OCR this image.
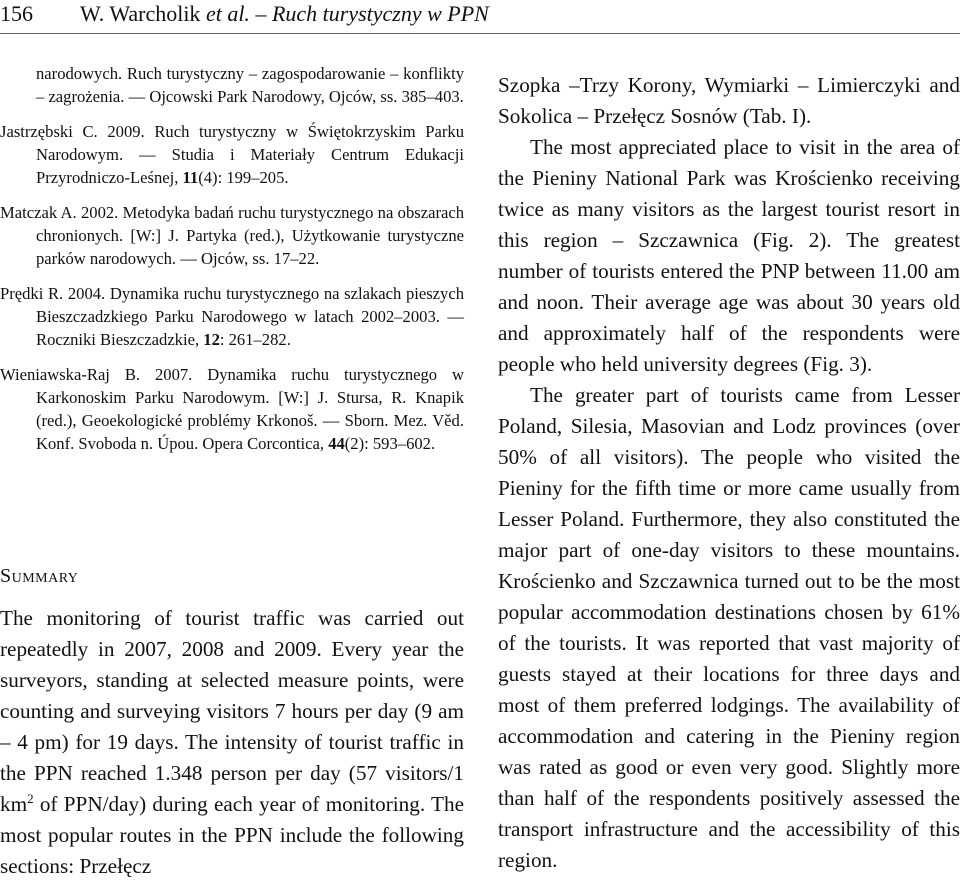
156 W. Warcholik et al. – Ruch turystyczny w PPN

narodowych. Ruch turystyczny – zagospodarowanie – konflikty – zagrożenia. — Ojcowski Park Narodowy, Ojców, ss. 385–403.

Jastrzębski C. 2009. Ruch turystyczny w Świętokrzyskim Parku Narodowym. — Studia i Materiały Centrum Edukacji Przyrodniczo-Leśnej, 11(4): 199–205.

Matczak A. 2002. Metodyka badań ruchu turystycznego na obszarach chronionych. [W:] J. Partyka (red.), Użytkowanie turystyczne parków narodowych. — Ojców, ss. 17–22.

Prędki R. 2004. Dynamika ruchu turystycznego na szlakach pieszych Bieszczadzkiego Parku Narodowego w latach 2002–2003. — Roczniki Bieszczadzkie, 12: 261–282.

Wieniawska-Raj B. 2007. Dynamika ruchu turystycznego w Karkonoskim Parku Narodowym. [W:] J. Stursa, R. Knapik (red.), Geoekologické problémy Krkonoš. — Sborn. Mez. Věd. Konf. Svoboda n. Úpou. Opera Corcontica, 44(2): 593–602.

Summary

The monitoring of tourist traffic was carried out repeatedly in 2007, 2008 and 2009. Every year the surveyors, standing at selected measure points, were counting and surveying visitors 7 hours per day (9 am – 4 pm) for 19 days. The intensity of tourist traffic in the PPN reached 1.348 person per day (57 visitors/1 $km^2$ of PPN/day) during each year of monitoring. The most popular routes in the PPN include the following sections: Przełęcz

Szopka –Trzy Korony, Wymiarki – Limierczyki and Sokolica – Przełęcz Sosnów (Tab. I).

The most appreciated place to visit in the area of the Pieniny National Park was Krościenko receiving twice as many visitors as the largest tourist resort in this region – Szczawnica (Fig. 2). The greatest number of tourists entered the PNP between 11.00 am and noon. Their average age was about 30 years old and approximately half of the respondents were people who held university degrees (Fig. 3).

The greater part of tourists came from Lesser Poland, Silesia, Masovian and Lodz provinces (over 50% of all visitors). The people who visited the Pieniny for the fifth time or more came usually from Lesser Poland. Furthermore, they also constituted the major part of one-day visitors to these mountains. Krościenko and Szczawnica turned out to be the most popular accommodation destinations chosen by 61% of the tourists. It was reported that vast majority of guests stayed at their locations for three days and most of them preferred lodgings. The availability of accommodation and catering in the Pieniny region was rated as good or even very good. Slightly more than half of the respondents positively assessed the transport infrastructure and the accessibility of this region.
